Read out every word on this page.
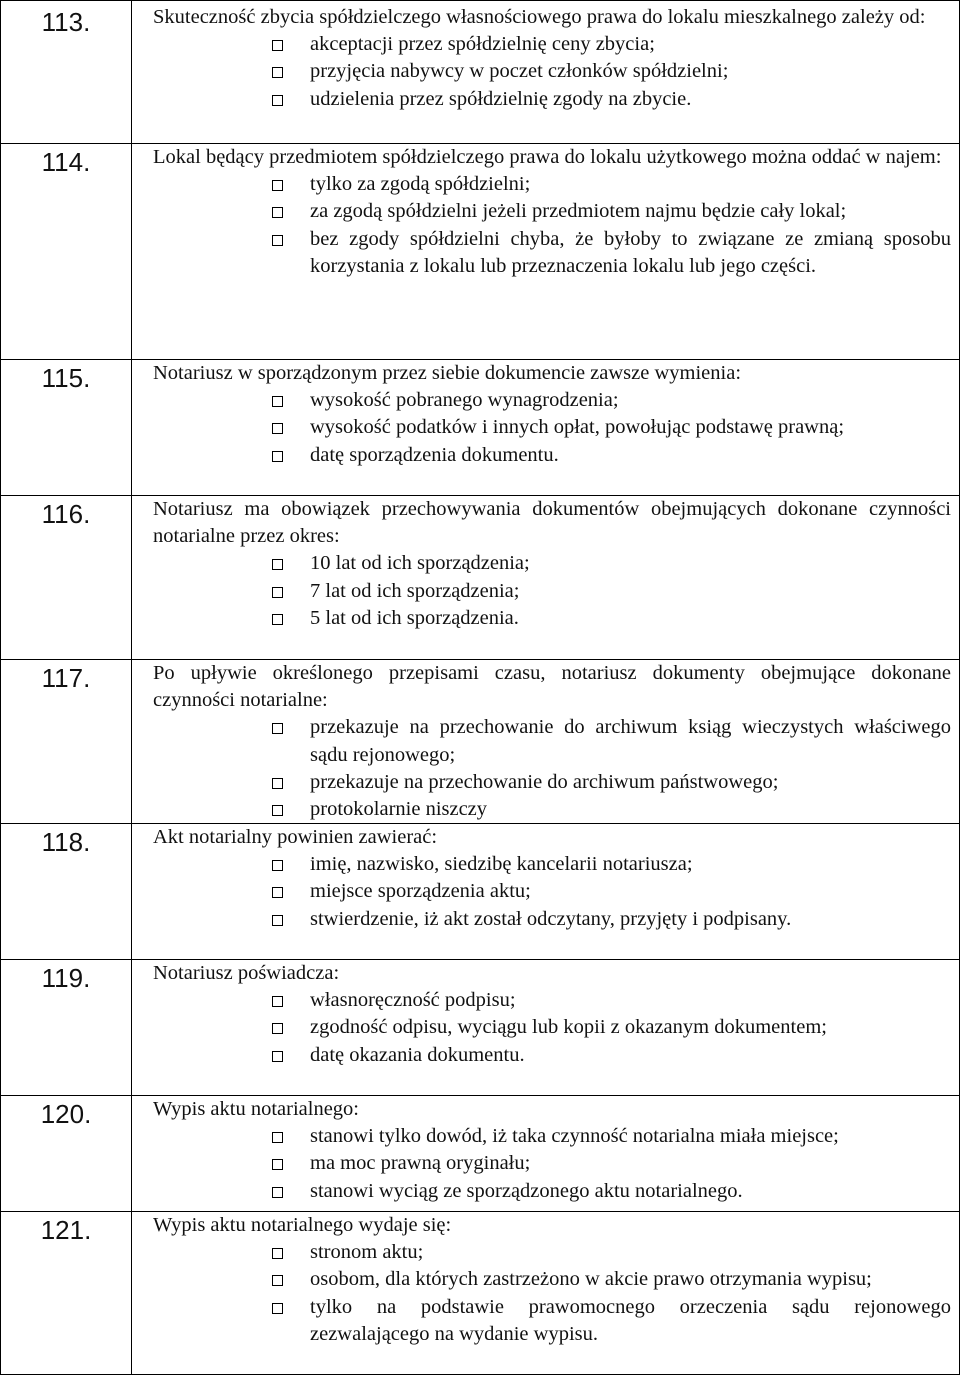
113.	Skuteczność zbycia spółdzielczego własnościowego prawa do lokalu mieszkalnego zależy od:
akceptacji przez spółdzielnię ceny zbycia;
przyjęcia nabywcy w poczet członków spółdzielni;
udzielenia przez spółdzielnię zgody na zbycie.
114.	Lokal będący przedmiotem spółdzielczego prawa do lokalu użytkowego można oddać w najem:
tylko za zgodą spółdzielni;
za zgodą spółdzielni jeżeli przedmiotem najmu będzie cały lokal;
bez zgody spółdzielni chyba, że byłoby to związane ze zmianą sposobu korzystania z lokalu lub przeznaczenia lokalu lub jego części.
115.	Notariusz w sporządzonym przez siebie dokumencie zawsze wymienia:
wysokość pobranego wynagrodzenia;
wysokość podatków i innych opłat, powołując podstawę prawną;
datę sporządzenia dokumentu.
116.	Notariusz ma obowiązek przechowywania dokumentów obejmujących dokonane czynności notarialne przez okres:
10 lat od ich sporządzenia;
7 lat od ich sporządzenia;
5 lat od ich sporządzenia.
117.	Po upływie określonego przepisami czasu, notariusz dokumenty obejmujące dokonane czynności notarialne:
przekazuje na przechowanie do archiwum ksiąg wieczystych właściwego sądu rejonowego;
przekazuje na przechowanie do archiwum państwowego;
protokolarnie niszczy
118.	Akt notarialny powinien zawierać:
imię, nazwisko, siedzibę kancelarii notariusza;
miejsce sporządzenia aktu;
stwierdzenie, iż akt został odczytany, przyjęty i podpisany.
119.	Notariusz poświadcza:
własnoręczność podpisu;
zgodność odpisu, wyciągu lub kopii z okazanym dokumentem;
datę okazania dokumentu.
120.	Wypis aktu notarialnego:
stanowi tylko dowód, iż taka czynność notarialna miała miejsce;
ma moc prawną oryginału;
stanowi wyciąg ze sporządzonego aktu notarialnego.
121.	Wypis aktu notarialnego wydaje się:
stronom aktu;
osobom, dla których zastrzeżono w akcie prawo otrzymania wypisu;
tylko na podstawie prawomocnego orzeczenia sądu rejonowego zezwalającego na wydanie wypisu.
